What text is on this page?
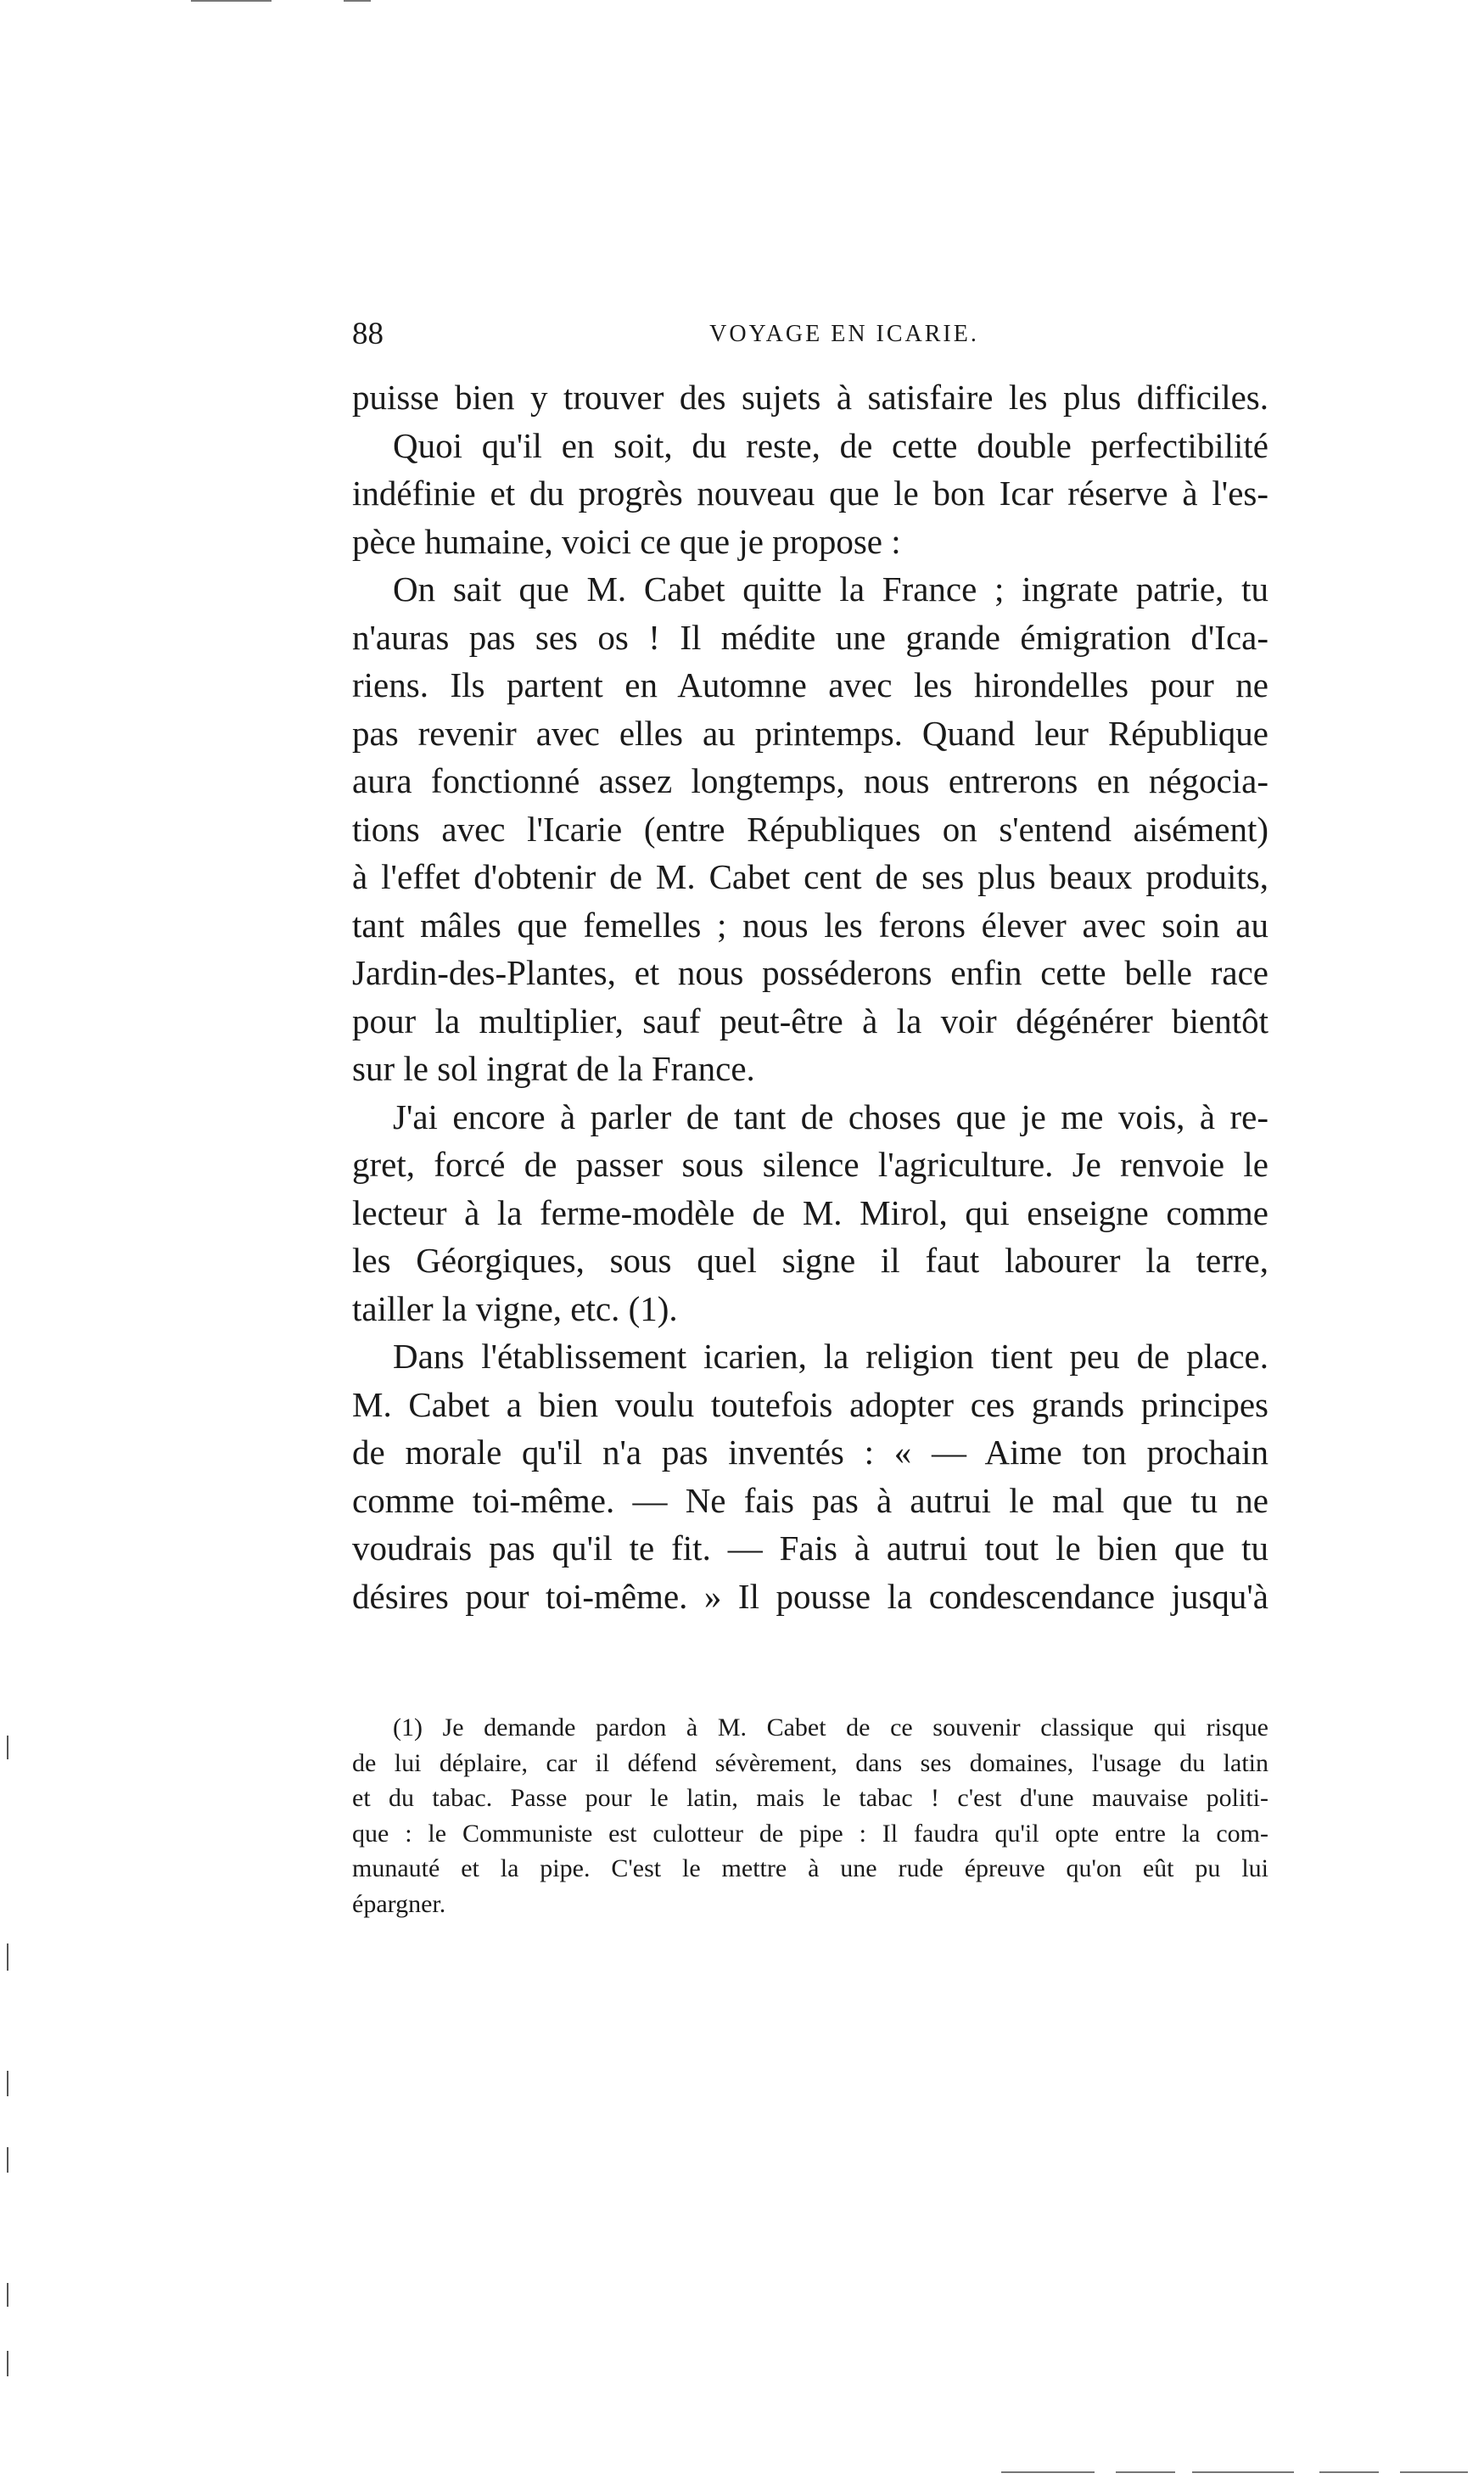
88	VOYAGE EN ICARIE.
puisse bien y trouver des sujets à satisfaire les plus difficiles.
Quoi qu'il en soit, du reste, de cette double perfectibilité
indéfinie et du progrès nouveau que le bon Icar réserve à l'es-
pèce humaine, voici ce que je propose :
On sait que M. Cabet quitte la France ; ingrate patrie, tu
n'auras pas ses os ! Il médite une grande émigration d'Ica-
riens. Ils partent en Automne avec les hirondelles pour ne
pas revenir avec elles au printemps. Quand leur République
aura fonctionné assez longtemps, nous entrerons en négocia-
tions avec l'Icarie (entre Républiques on s'entend aisément)
à l'effet d'obtenir de M. Cabet cent de ses plus beaux produits,
tant mâles que femelles ; nous les ferons élever avec soin au
Jardin-des-Plantes, et nous posséderons enfin cette belle race
pour la multiplier, sauf peut-être à la voir dégénérer bientôt
sur le sol ingrat de la France.
J'ai encore à parler de tant de choses que je me vois, à re-
gret, forcé de passer sous silence l'agriculture. Je renvoie le
lecteur à la ferme-modèle de M. Mirol, qui enseigne comme
les Géorgiques, sous quel signe il faut labourer la terre,
tailler la vigne, etc. (1).
Dans l'établissement icarien, la religion tient peu de place.
M. Cabet a bien voulu toutefois adopter ces grands principes
de morale qu'il n'a pas inventés : « — Aime ton prochain
comme toi-même. — Ne fais pas à autrui le mal que tu ne
voudrais pas qu'il te fit. — Fais à autrui tout le bien que tu
désires pour toi-même. » Il pousse la condescendance jusqu'à
(1) Je demande pardon à M. Cabet de ce souvenir classique qui risque
de lui déplaire, car il défend sévèrement, dans ses domaines, l'usage du latin
et du tabac. Passe pour le latin, mais le tabac ! c'est d'une mauvaise politi-
que : le Communiste est culotteur de pipe : Il faudra qu'il opte entre la com-
munauté et la pipe. C'est le mettre à une rude épreuve qu'on eût pu lui
épargner.
